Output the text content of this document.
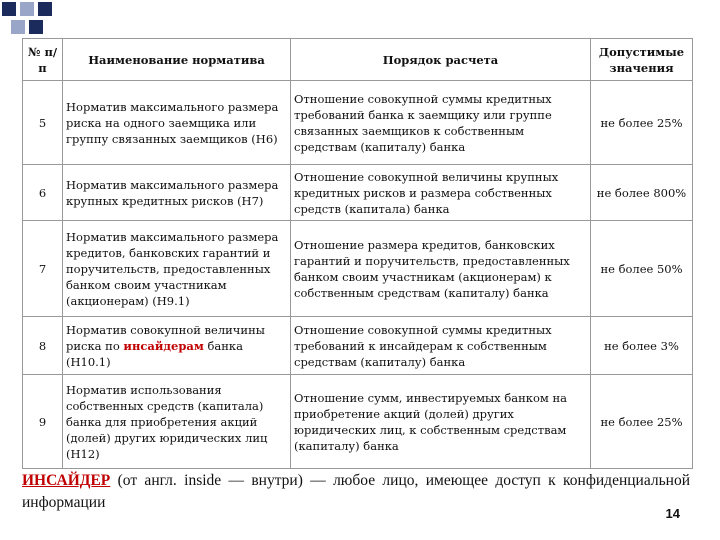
№ п/п	Наименование норматива	Порядок расчета	Допустимые значения
5	Норматив максимального размера риска на одного заемщика или группу связанных заемщиков (Н6)	Отношение совокупной суммы кредитных требований банка к заемщику или группе связанных заемщиков к собственным средствам (капиталу) банка	не более 25%
6	Норматив максимального размера крупных кредитных рисков (Н7)	Отношение совокупной величины крупных кредитных рисков и размера собственных средств (капитала) банка	не более 800%
7	Норматив максимального размера кредитов, банковских гарантий и поручительств, предоставленных банком своим участникам (акционерам) (Н9.1)	Отношение размера кредитов, банковских гарантий и поручительств, предоставленных банком своим участникам (акционерам) к собственным средствам (капиталу) банка	не более 50%
8	Норматив совокупной величины риска по инсайдерам банка (Н10.1)	Отношение совокупной суммы кредитных требований к инсайдерам к собственным средствам (капиталу) банка	не более 3%
9	Норматив использования собственных средств (капитала) банка для приобретения акций (долей) других юридических лиц (Н12)	Отношение сумм, инвестируемых банком на приобретение акций (долей) других юридических лиц, к собственным средствам (капиталу) банка	не более 25%
ИНСАЙДЕР (от англ. inside — внутри) — любое лицо, имеющее доступ к конфиденциальной информации
14
